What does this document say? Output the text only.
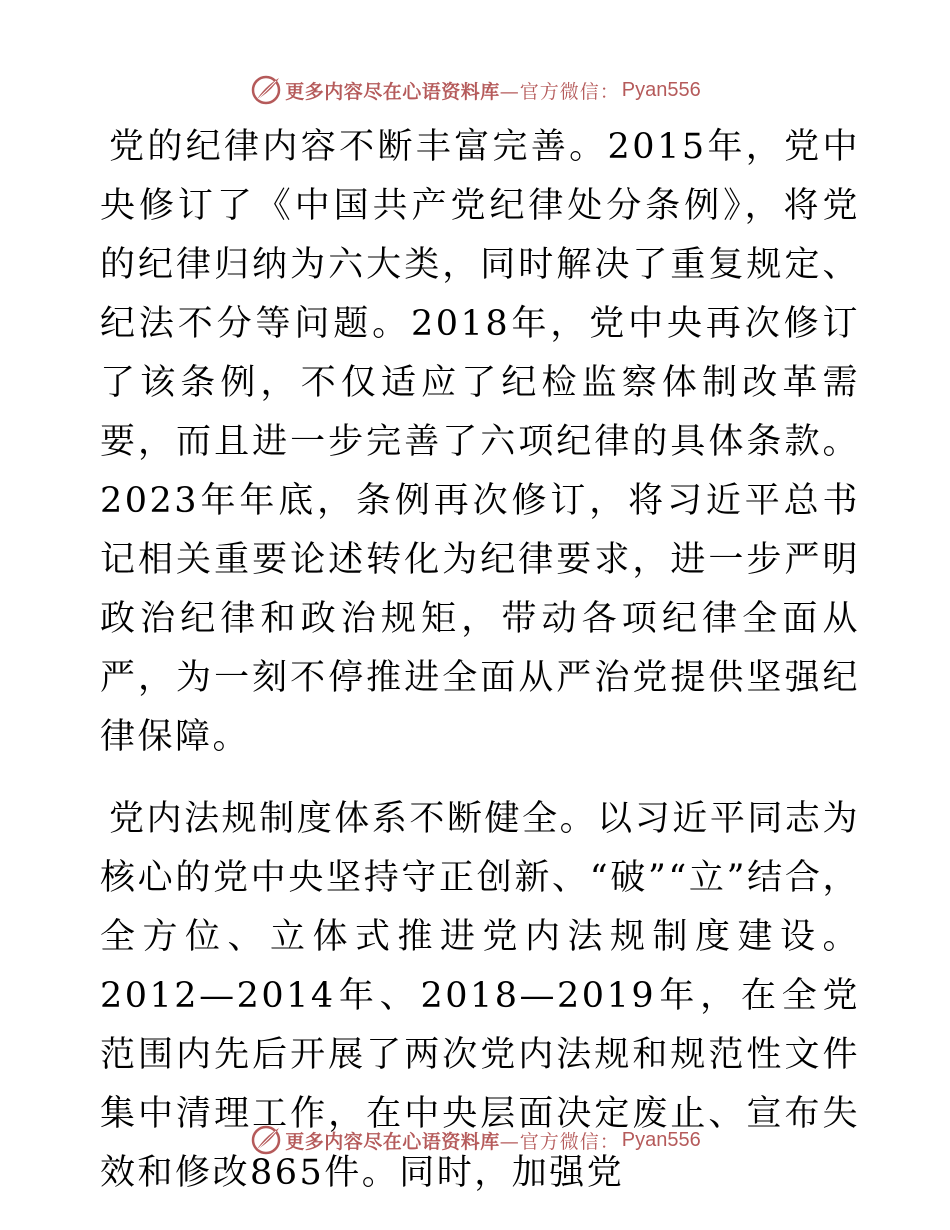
更多内容尽在心语资料库 —官方微信： Pyan556

党的纪律内容不断丰富完善。2015年，党中央修订了《中国共产党纪律处分条例》，将党的纪律归纳为六大类，同时解决了重复规定、纪法不分等问题。2018年，党中央再次修订了该条例，不仅适应了纪检监察体制改革需要，而且进一步完善了六项纪律的具体条款。2023年年底，条例再次修订，将习近平总书记相关重要论述转化为纪律要求，进一步严明政治纪律和政治规矩，带动各项纪律全面从严，为一刻不停推进全面从严治党提供坚强纪律保障。

党内法规制度体系不断健全。以习近平同志为核心的党中央坚持守正创新、“破”“立”结合，全方位、立体式推进党内法规制度建设。2012—2014年、2018—2019年，在全党范围内先后开展了两次党内法规和规范性文件集中清理工作，在中央层面决定废止、宣布失效和修改865件。同时，加强党

更多内容尽在心语资料库 —官方微信： Pyan556
